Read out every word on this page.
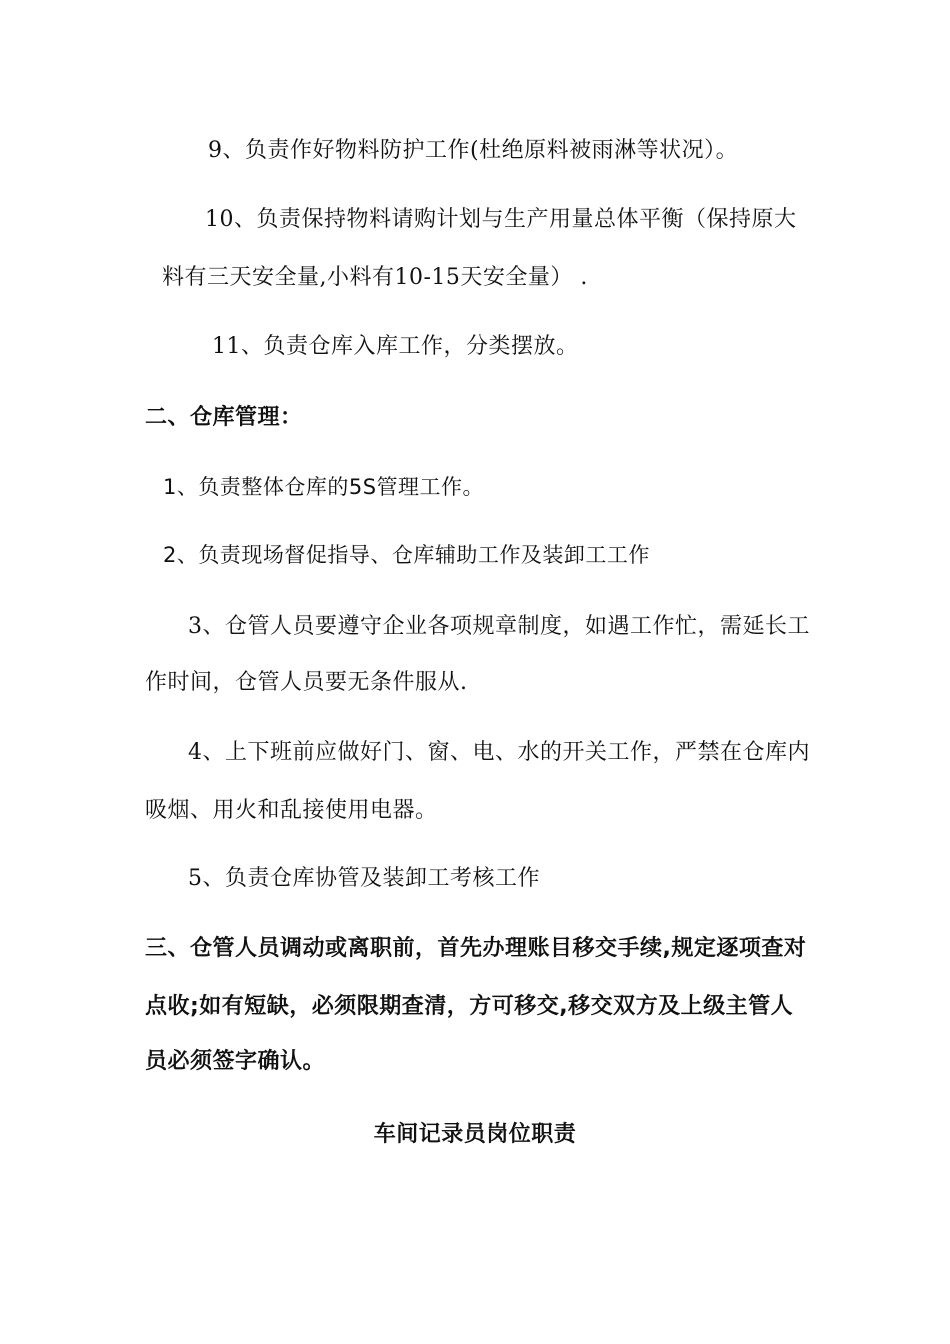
9、负责作好物料防护工作(杜绝原料被雨淋等状况）。
10、负责保持物料请购计划与生产用量总体平衡（保持原大
料有三天安全量,小料有10-15天安全量） .
11、负责仓库入库工作，分类摆放。
二、仓库管理：
1、负责整体仓库的5S管理工作。
2、负责现场督促指导、仓库辅助工作及装卸工工作
3、仓管人员要遵守企业各项规章制度，如遇工作忙，需延长工
作时间，仓管人员要无条件服从.
4、上下班前应做好门、窗、电、水的开关工作，严禁在仓库内
吸烟、用火和乱接使用电器。
5、负责仓库协管及装卸工考核工作
三、仓管人员调动或离职前，首先办理账目移交手续,规定逐项查对
点收;如有短缺，必须限期查清，方可移交,移交双方及上级主管人
员必须签字确认。
车间记录员岗位职责
